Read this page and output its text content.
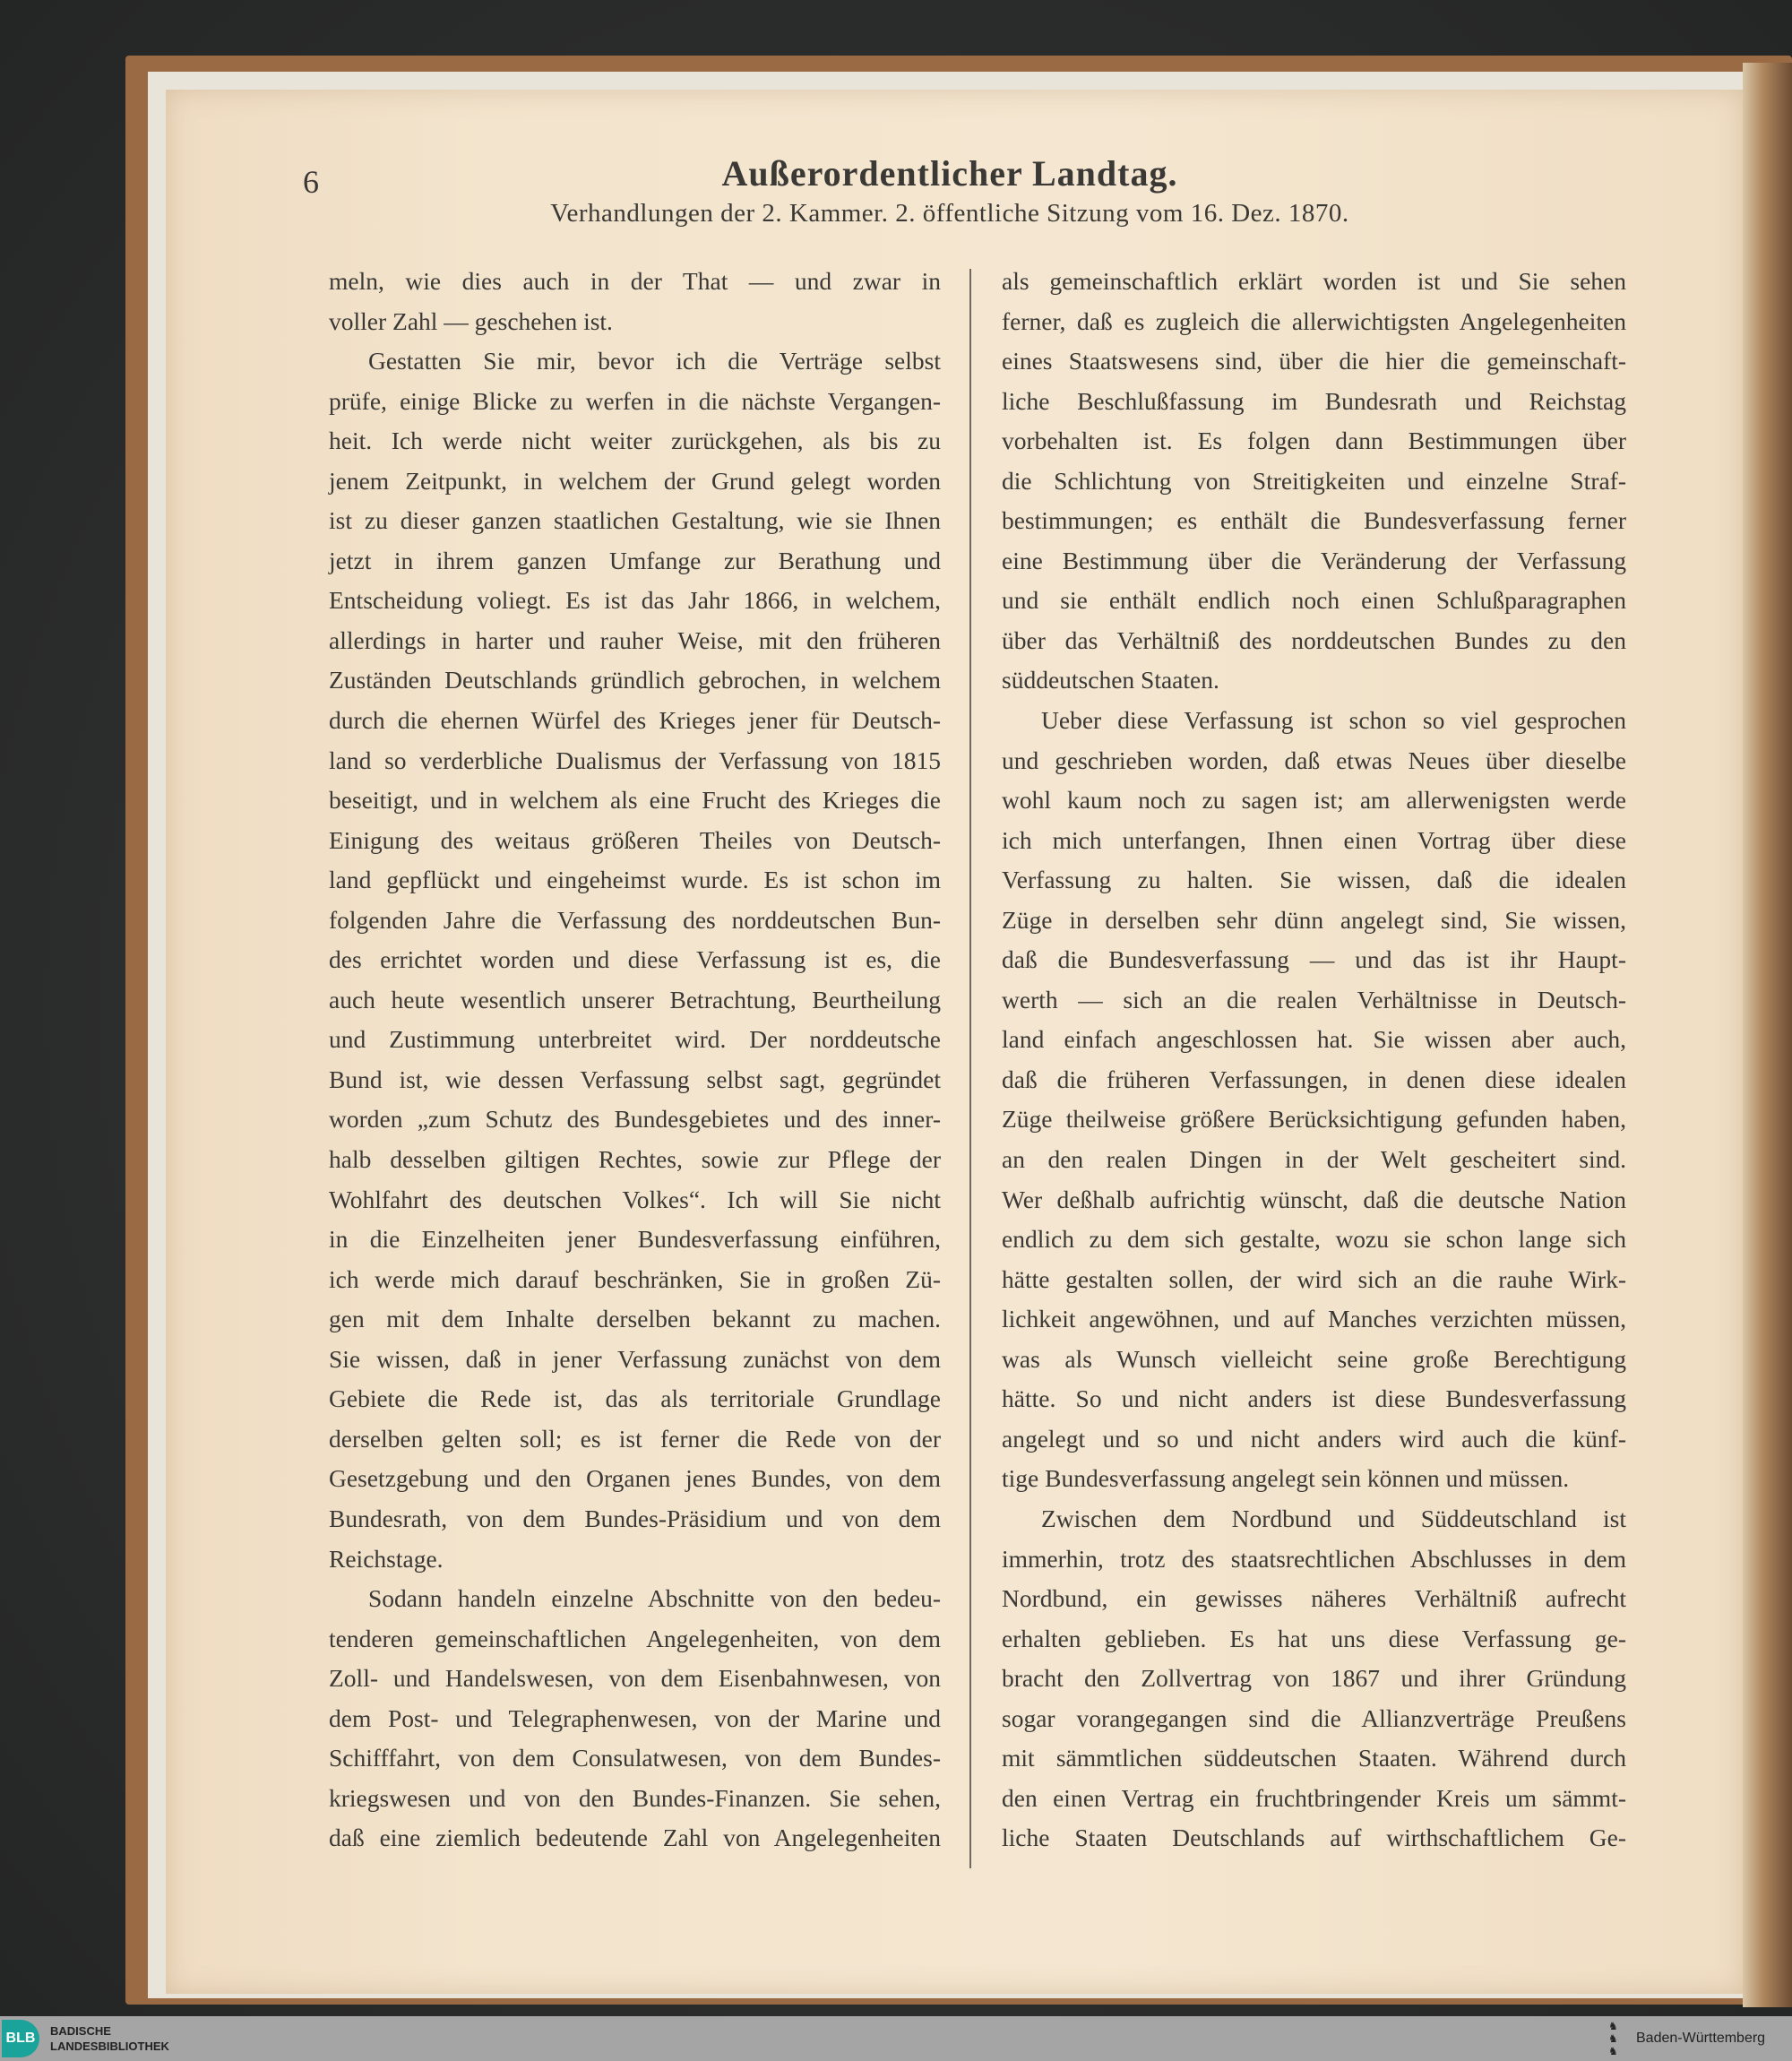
6	Außerordentlicher Landtag.
Verhandlungen der 2. Kammer. 2. öffentliche Sitzung vom 16. Dez. 1870.
meln, wie dies auch in der That — und zwar in
voller Zahl — geschehen ist.
Gestatten Sie mir, bevor ich die Verträge selbst
prüfe, einige Blicke zu werfen in die nächste Vergangen-
heit. Ich werde nicht weiter zurückgehen, als bis zu
jenem Zeitpunkt, in welchem der Grund gelegt worden
ist zu dieser ganzen staatlichen Gestaltung, wie sie Ihnen
jetzt in ihrem ganzen Umfange zur Berathung und
Entscheidung voliegt. Es ist das Jahr 1866, in welchem,
allerdings in harter und rauher Weise, mit den früheren
Zuständen Deutschlands gründlich gebrochen, in welchem
durch die ehernen Würfel des Krieges jener für Deutsch-
land so verderbliche Dualismus der Verfassung von 1815
beseitigt, und in welchem als eine Frucht des Krieges die
Einigung des weitaus größeren Theiles von Deutsch-
land gepflückt und eingeheimst wurde. Es ist schon im
folgenden Jahre die Verfassung des norddeutschen Bun-
des errichtet worden und diese Verfassung ist es, die
auch heute wesentlich unserer Betrachtung, Beurtheilung
und Zustimmung unterbreitet wird. Der norddeutsche
Bund ist, wie dessen Verfassung selbst sagt, gegründet
worden „zum Schutz des Bundesgebietes und des inner-
halb desselben giltigen Rechtes, sowie zur Pflege der
Wohlfahrt des deutschen Volkes“. Ich will Sie nicht
in die Einzelheiten jener Bundesverfassung einführen,
ich werde mich darauf beschränken, Sie in großen Zü-
gen mit dem Inhalte derselben bekannt zu machen.
Sie wissen, daß in jener Verfassung zunächst von dem
Gebiete die Rede ist, das als territoriale Grundlage
derselben gelten soll; es ist ferner die Rede von der
Gesetzgebung und den Organen jenes Bundes, von dem
Bundesrath, von dem Bundes-Präsidium und von dem
Reichstage.
Sodann handeln einzelne Abschnitte von den bedeu-
tenderen gemeinschaftlichen Angelegenheiten, von dem
Zoll- und Handelswesen, von dem Eisenbahnwesen, von
dem Post- und Telegraphenwesen, von der Marine und
Schifffahrt, von dem Consulatwesen, von dem Bundes-
kriegswesen und von den Bundes-Finanzen. Sie sehen,
daß eine ziemlich bedeutende Zahl von Angelegenheiten
als gemeinschaftlich erklärt worden ist und Sie sehen
ferner, daß es zugleich die allerwichtigsten Angelegenheiten
eines Staatswesens sind, über die hier die gemeinschaft-
liche Beschlußfassung im Bundesrath und Reichstag
vorbehalten ist. Es folgen dann Bestimmungen über
die Schlichtung von Streitigkeiten und einzelne Straf-
bestimmungen; es enthält die Bundesverfassung ferner
eine Bestimmung über die Veränderung der Verfassung
und sie enthält endlich noch einen Schlußparagraphen
über das Verhältniß des norddeutschen Bundes zu den
süddeutschen Staaten.
Ueber diese Verfassung ist schon so viel gesprochen
und geschrieben worden, daß etwas Neues über dieselbe
wohl kaum noch zu sagen ist; am allerwenigsten werde
ich mich unterfangen, Ihnen einen Vortrag über diese
Verfassung zu halten. Sie wissen, daß die idealen
Züge in derselben sehr dünn angelegt sind, Sie wissen,
daß die Bundesverfassung — und das ist ihr Haupt-
werth — sich an die realen Verhältnisse in Deutsch-
land einfach angeschlossen hat. Sie wissen aber auch,
daß die früheren Verfassungen, in denen diese idealen
Züge theilweise größere Berücksichtigung gefunden haben,
an den realen Dingen in der Welt gescheitert sind.
Wer deßhalb aufrichtig wünscht, daß die deutsche Nation
endlich zu dem sich gestalte, wozu sie schon lange sich
hätte gestalten sollen, der wird sich an die rauhe Wirk-
lichkeit angewöhnen, und auf Manches verzichten müssen,
was als Wunsch vielleicht seine große Berechtigung
hätte. So und nicht anders ist diese Bundesverfassung
angelegt und so und nicht anders wird auch die künf-
tige Bundesverfassung angelegt sein können und müssen.
Zwischen dem Nordbund und Süddeutschland ist
immerhin, trotz des staatsrechtlichen Abschlusses in dem
Nordbund, ein gewisses näheres Verhältniß aufrecht
erhalten geblieben. Es hat uns diese Verfassung ge-
bracht den Zollvertrag von 1867 und ihrer Gründung
sogar vorangegangen sind die Allianzverträge Preußens
mit sämmtlichen süddeutschen Staaten. Während durch
den einen Vertrag ein fruchtbringender Kreis um sämmt-
liche Staaten Deutschlands auf wirthschaftlichem Ge-
BLB	BADISCHE
LANDESBIBLIOTHEK
♞
♞
♞
Baden-Württemberg
